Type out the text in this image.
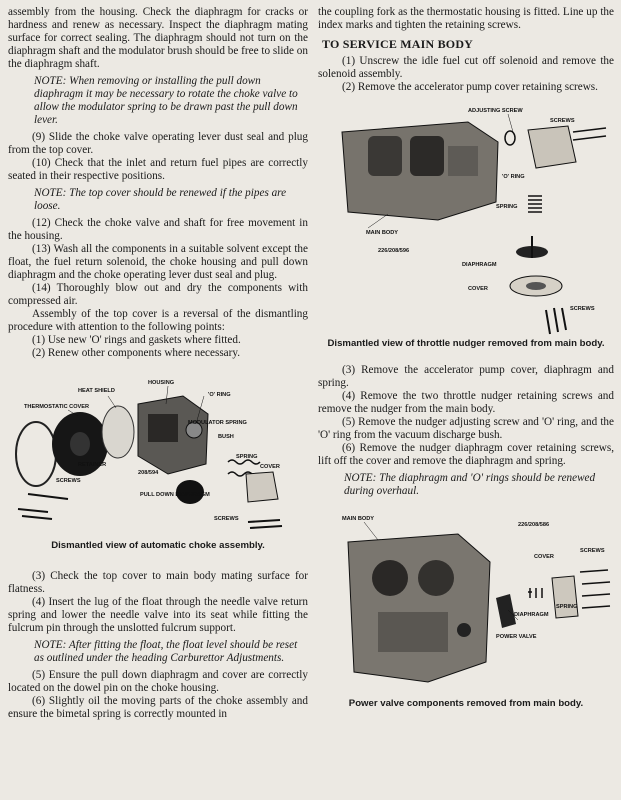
assembly from the housing. Check the diaphragm for cracks or hardness and renew as necessary. Inspect the diaphragm mating surface for correct sealing. The diaphragm should not turn on the diaphragm shaft and the modulator brush should be free to slide on the diaphragm shaft.

NOTE: When removing or installing the pull down diaphragm it may be necessary to rotate the choke valve to allow the modulator spring to be drawn past the pull down lever.

(9) Slide the choke valve operating lever dust seal and plug from the top cover.

(10) Check that the inlet and return fuel pipes are correctly seated in their respective positions.

NOTE: The top cover should be renewed if the pipes are loose.

(12) Check the choke valve and shaft for free movement in the housing.

(13) Wash all the components in a suitable solvent except the float, the fuel return solenoid, the choke housing and pull down diaphragm and the choke operating lever dust seal and plug.

(14) Thoroughly blow out and dry the components with compressed air.

Assembly of the top cover is a reversal of the dismantling procedure with attention to the following points:

(1) Use new 'O' rings and gaskets where fitted.

(2) Renew other components where necessary.

HOUSING
HEAT SHIELD
'O' RING
THERMOSTATIC COVER
MODULATOR SPRING
BUSH
SPRING
COVER
RETAINER
208/594
SCREWS
PULL DOWN DIAPHRAGM
SCREWS
Dismantled view of automatic choke assembly.

(3) Check the top cover to main body mating surface for flatness.

(4) Insert the lug of the float through the needle valve return spring and lower the needle valve into its seat while fitting the fulcrum pin through the unslotted fulcrum support.

NOTE: After fitting the float, the float level should be reset as outlined under the heading Carburettor Adjustments.

(5) Ensure the pull down diaphragm and cover are correctly located on the dowel pin on the choke housing.

(6) Slightly oil the moving parts of the choke assembly and ensure the bimetal spring is correctly mounted in

the coupling fork as the thermostatic housing is fitted. Line up the index marks and tighten the retaining screws.

TO SERVICE MAIN BODY

(1) Unscrew the idle fuel cut off solenoid and remove the solenoid assembly.

(2) Remove the accelerator pump cover retaining screws.

ADJUSTING SCREW
SCREWS
'O' RING
MAIN BODY
SPRING
226/208/596
DIAPHRAGM
COVER
SCREWS
Dismantled view of throttle nudger removed from main body.

(3) Remove the accelerator pump cover, diaphragm and spring.

(4) Remove the two throttle nudger retaining screws and remove the nudger from the main body.

(5) Remove the nudger adjusting screw and 'O' ring, and the 'O' ring from the vacuum discharge bush.

(6) Remove the nudger diaphragm cover retaining screws, lift off the cover and remove the diaphragm and spring.

NOTE: The diaphragm and 'O' rings should be renewed during overhaul.

MAIN BODY
226/208/586
COVER
SCREWS
SPRING
DIAPHRAGM
POWER VALVE
Power valve components removed from main body.
